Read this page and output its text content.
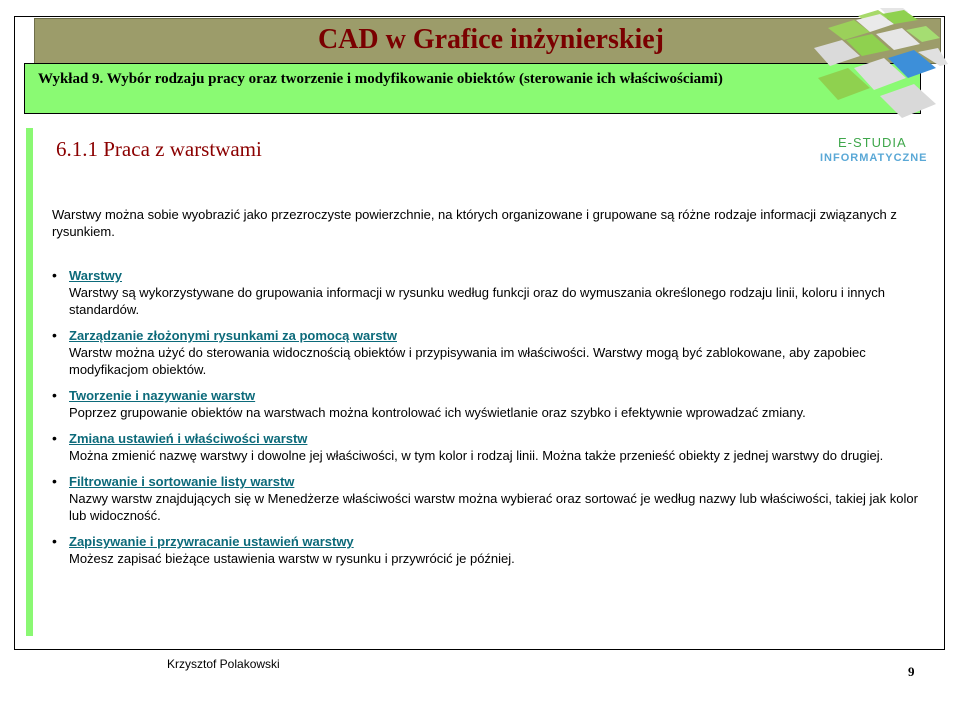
CAD w Grafice inżynierskiej
Wykład 9. Wybór rodzaju pracy oraz tworzenie i modyfikowanie obiektów (sterowanie ich właściwościami)
E-STUDIA
INFORMATYCZNE
6.1.1 Praca z warstwami

Warstwy można sobie wyobrazić jako przezroczyste powierzchnie, na których organizowane i grupowane są różne rodzaje informacji związanych z rysunkiem.

• Warstwy
Warstwy są wykorzystywane do grupowania informacji w rysunku według funkcji oraz do wymuszania określonego rodzaju linii, koloru i innych standardów.
• Zarządzanie złożonymi rysunkami za pomocą warstw
Warstw można użyć do sterowania widocznością obiektów i przypisywania im właściwości. Warstwy mogą być zablokowane, aby zapobiec modyfikacjom obiektów.
• Tworzenie i nazywanie warstw
Poprzez grupowanie obiektów na warstwach można kontrolować ich wyświetlanie oraz szybko i efektywnie wprowadzać zmiany.
• Zmiana ustawień i właściwości warstw
Można zmienić nazwę warstwy i dowolne jej właściwości, w tym kolor i rodzaj linii. Można także przenieść obiekty z jednej warstwy do drugiej.
• Filtrowanie i sortowanie listy warstw
Nazwy warstw znajdujących się w Menedżerze właściwości warstw można wybierać oraz sortować je według nazwy lub właściwości, takiej jak kolor lub widoczność.
• Zapisywanie i przywracanie ustawień warstwy
Możesz zapisać bieżące ustawienia warstw w rysunku i przywrócić je później.
Krzysztof Polakowski	9
